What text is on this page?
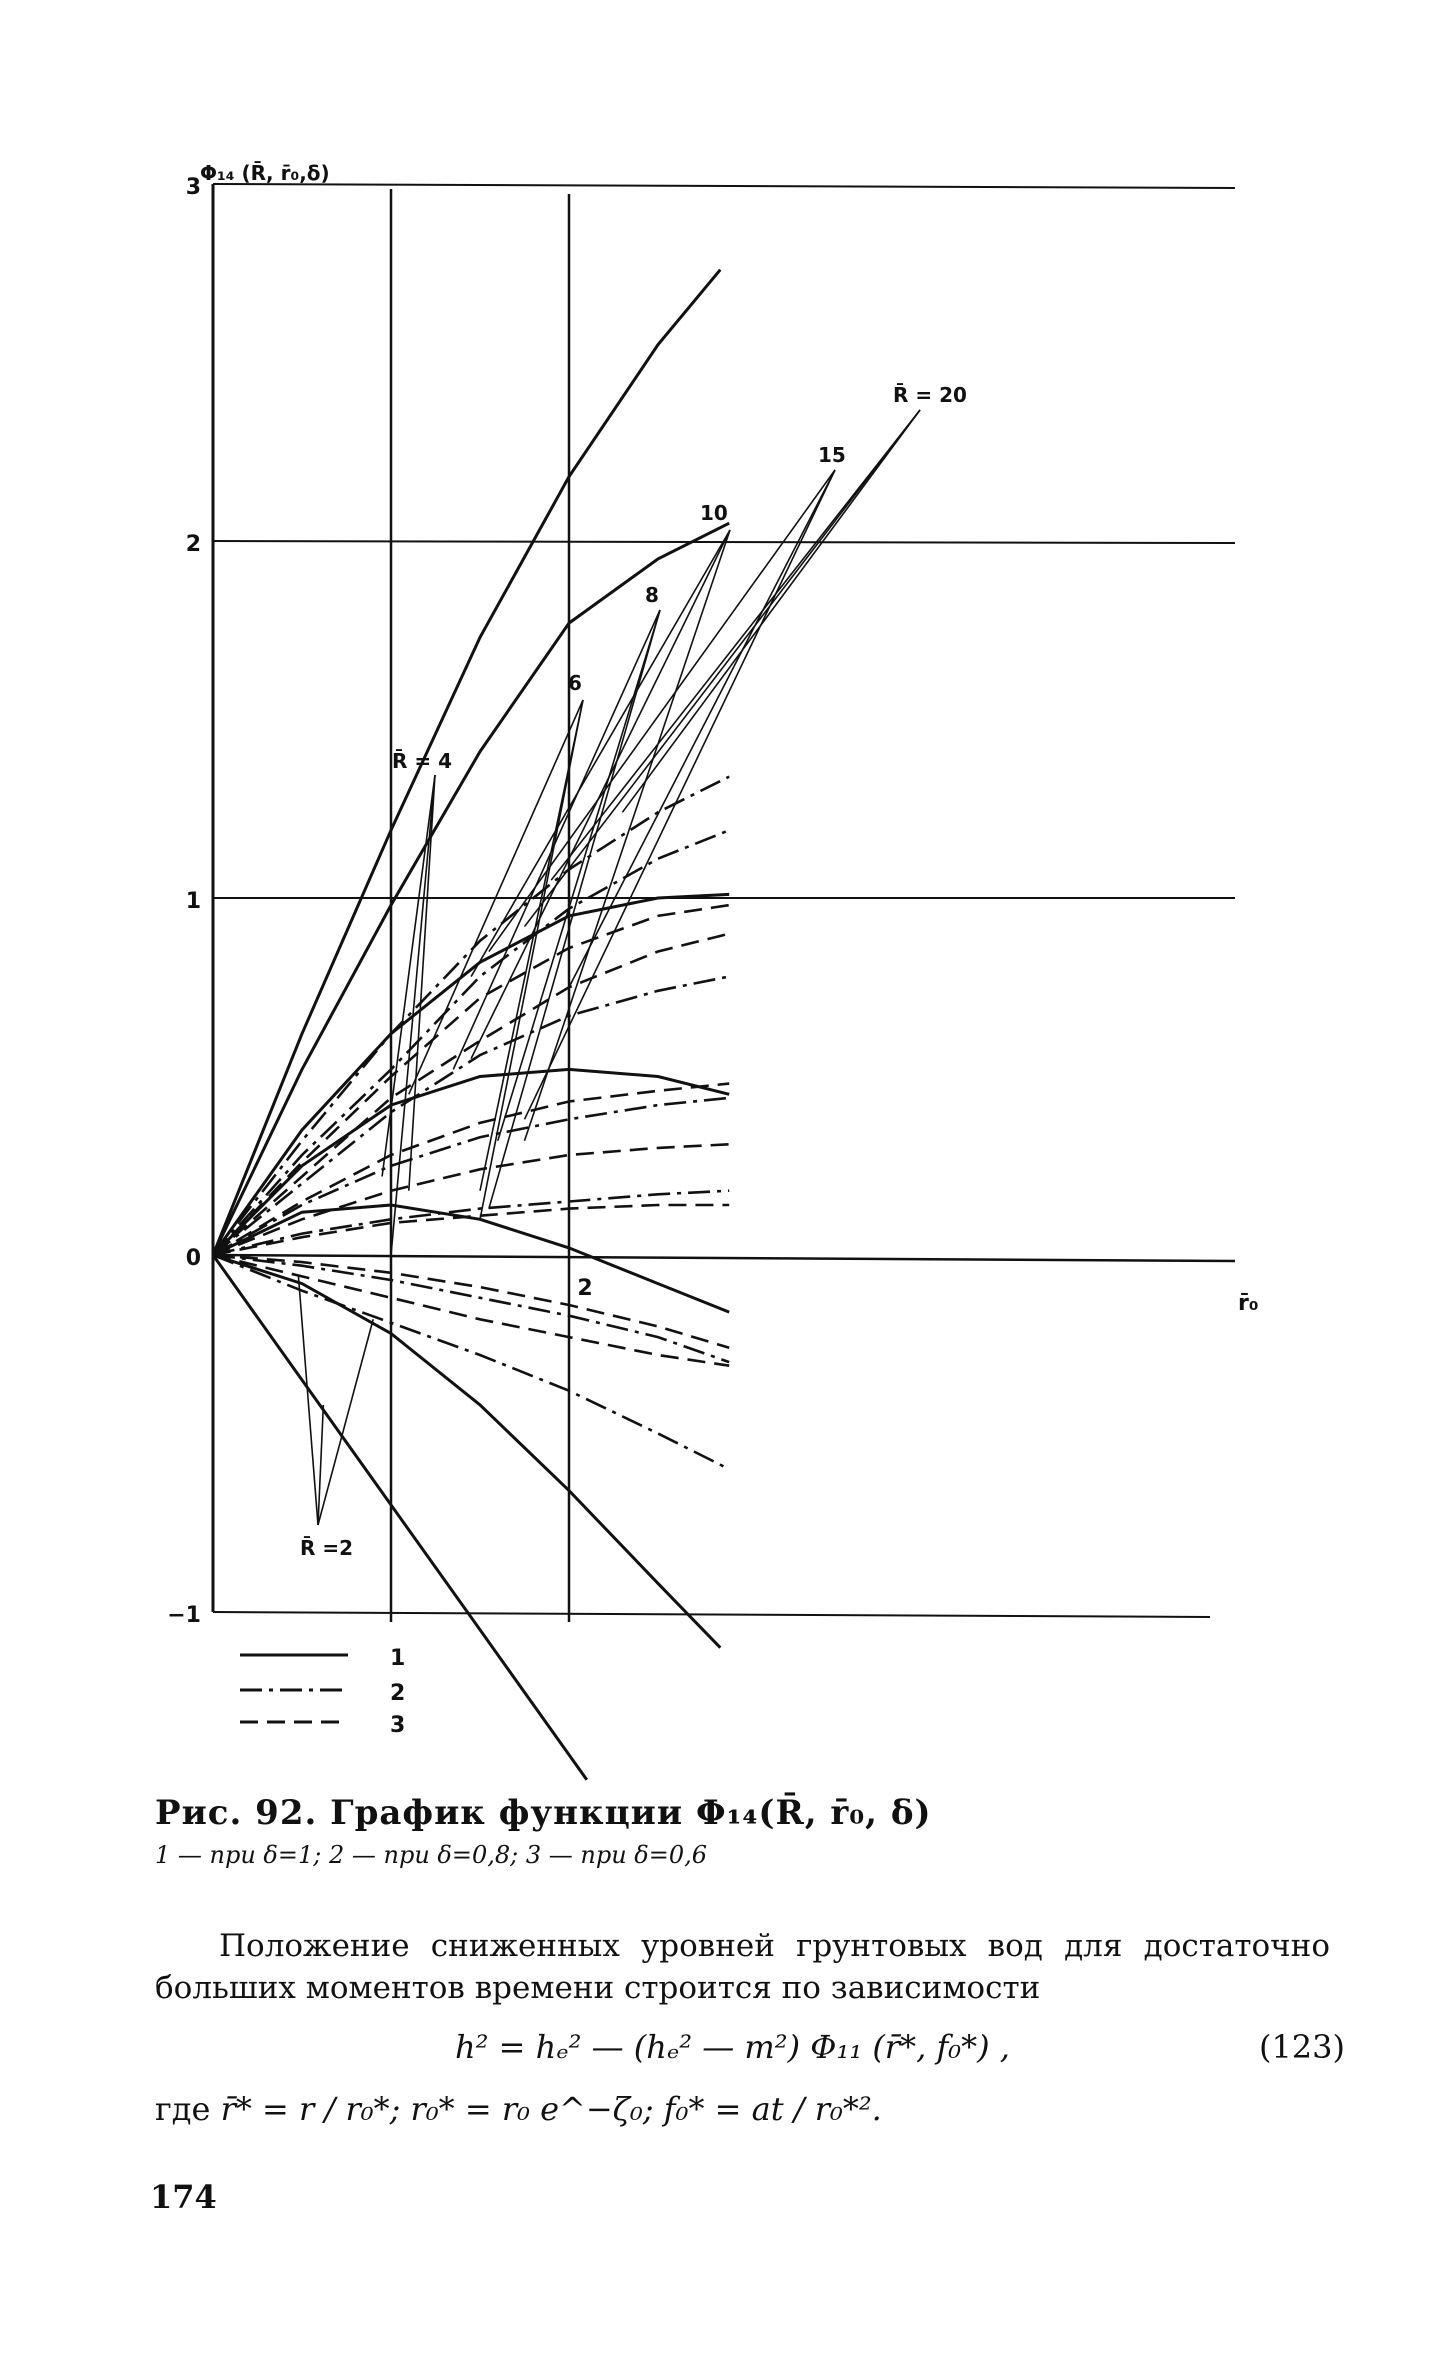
3
2
1
0
−1
2
Φ₁₄ (R̄, r̄₀,δ)
r̄₀
R̄ = 20
15
10
8
6
R̄ = 4
R̄ =2
1
2
3
Рис. 92. График функции Φ₁₄(R̄, r̄₀, δ)
1 — при δ=1; 2 — при δ=0,8; 3 — при δ=0,6
Положение сниженных уровней грунтовых вод для достаточно больших моментов времени строится по зависимости
h² = hₑ² — (hₑ² — m²) Φ₁₁ (r̄*, f₀*) ,	(123)
где r̄* = r / r₀*; r₀* = r₀ e^−ζ₀; f₀* = at / r₀*².
174
